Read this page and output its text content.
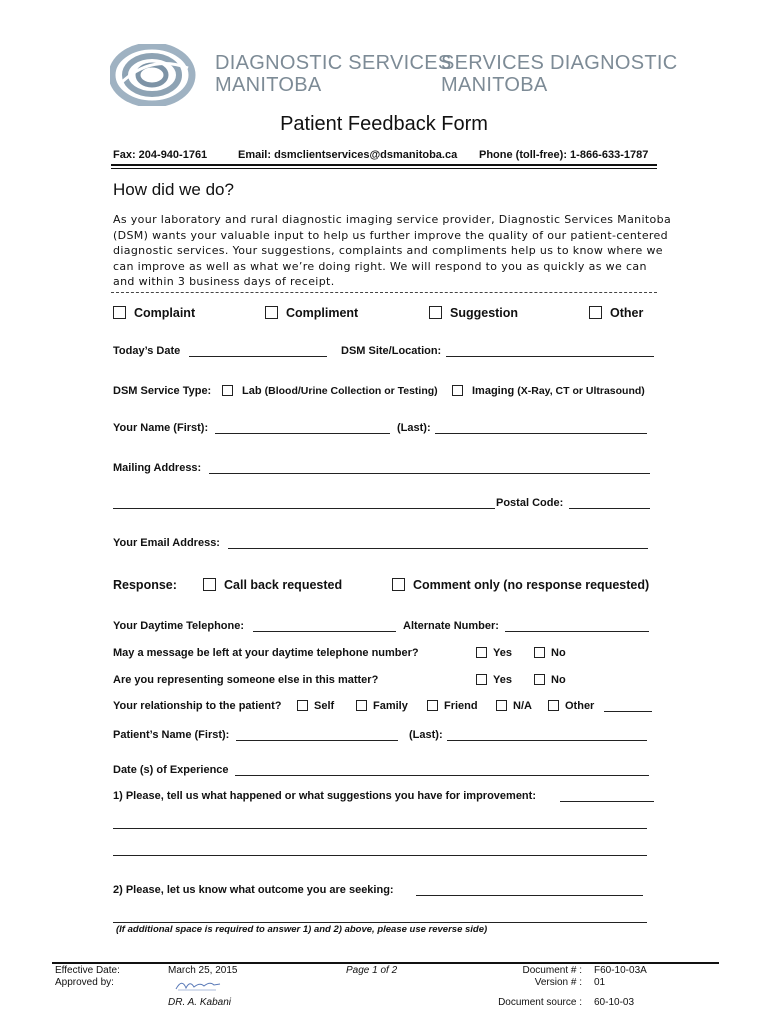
DIAGNOSTIC SERVICES
MANITOBA
SERVICES DIAGNOSTIC
MANITOBA
Patient Feedback Form
Fax: 204-940-1761	Email: dsmclientservices@dsmanitoba.ca Phone (toll-free): 1-866-633-1787
How did we do?
As your laboratory and rural diagnostic imaging service provider, Diagnostic Services Manitoba
(DSM) wants your valuable input to help us further improve the quality of our patient-centered
diagnostic services. Your suggestions, complaints and compliments help us to know where we
can improve as well as what we’re doing right. We will respond to you as quickly as we can
and within 3 business days of receipt.
Complaint	Compliment	Suggestion	Other
Today’s Date	DSM Site/Location:
DSM Service Type:	Lab (Blood/Urine Collection or Testing)	Imaging (X-Ray, CT or Ultrasound)
Your Name (First):	(Last):
Mailing Address:
Postal Code:
Your Email Address:
Response:	Call back requested	Comment only (no response requested)
Your Daytime Telephone:	Alternate Number:
May a message be left at your daytime telephone number?	Yes	No
Are you representing someone else in this matter?	Yes	No
Your relationship to the patient?	Self	Family	Friend	N/A	Other
Patient’s Name (First):	(Last):
Date (s) of Experience
1) Please, tell us what happened or what suggestions you have for improvement:
2) Please, let us know what outcome you are seeking:
(If additional space is required to answer 1) and 2) above, please use reverse side)
Effective Date:	March 25, 2015
Approved by:
DR. A. Kabani
Page 1 of 2	Document # : F60-10-03A
Version # : 01
Document source : 60-10-03
